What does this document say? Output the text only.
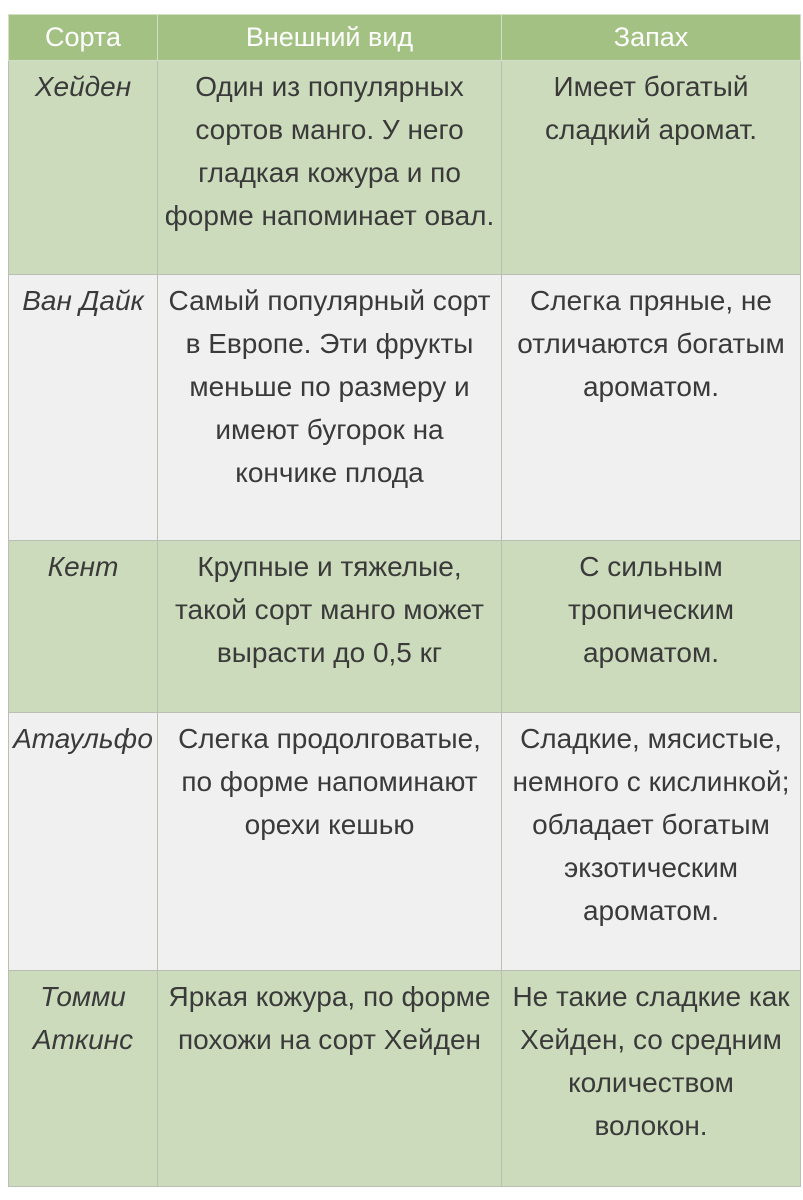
Сорта	Внешний вид	Запах
Хейден	Один из популярных сортов манго. У него гладкая кожура и по форме напоминает овал.	Имеет богатый сладкий аромат.
Ван Дайк	Самый популярный сорт в Европе. Эти фрукты меньше по размеру и имеют бугорок на кончике плода	Слегка пряные, не отличаются богатым ароматом.
Кент	Крупные и тяжелые, такой сорт манго может вырасти до 0,5 кг	С сильным тропическим ароматом.
Атаульфо	Слегка продолговатые, по форме напоминают орехи кешью	Сладкие, мясистые, немного с кислинкой; обладает богатым экзотическим ароматом.
Томми Аткинс	Яркая кожура, по форме похожи на сорт Хейден	Не такие сладкие как Хейден, со средним количеством волокон.
